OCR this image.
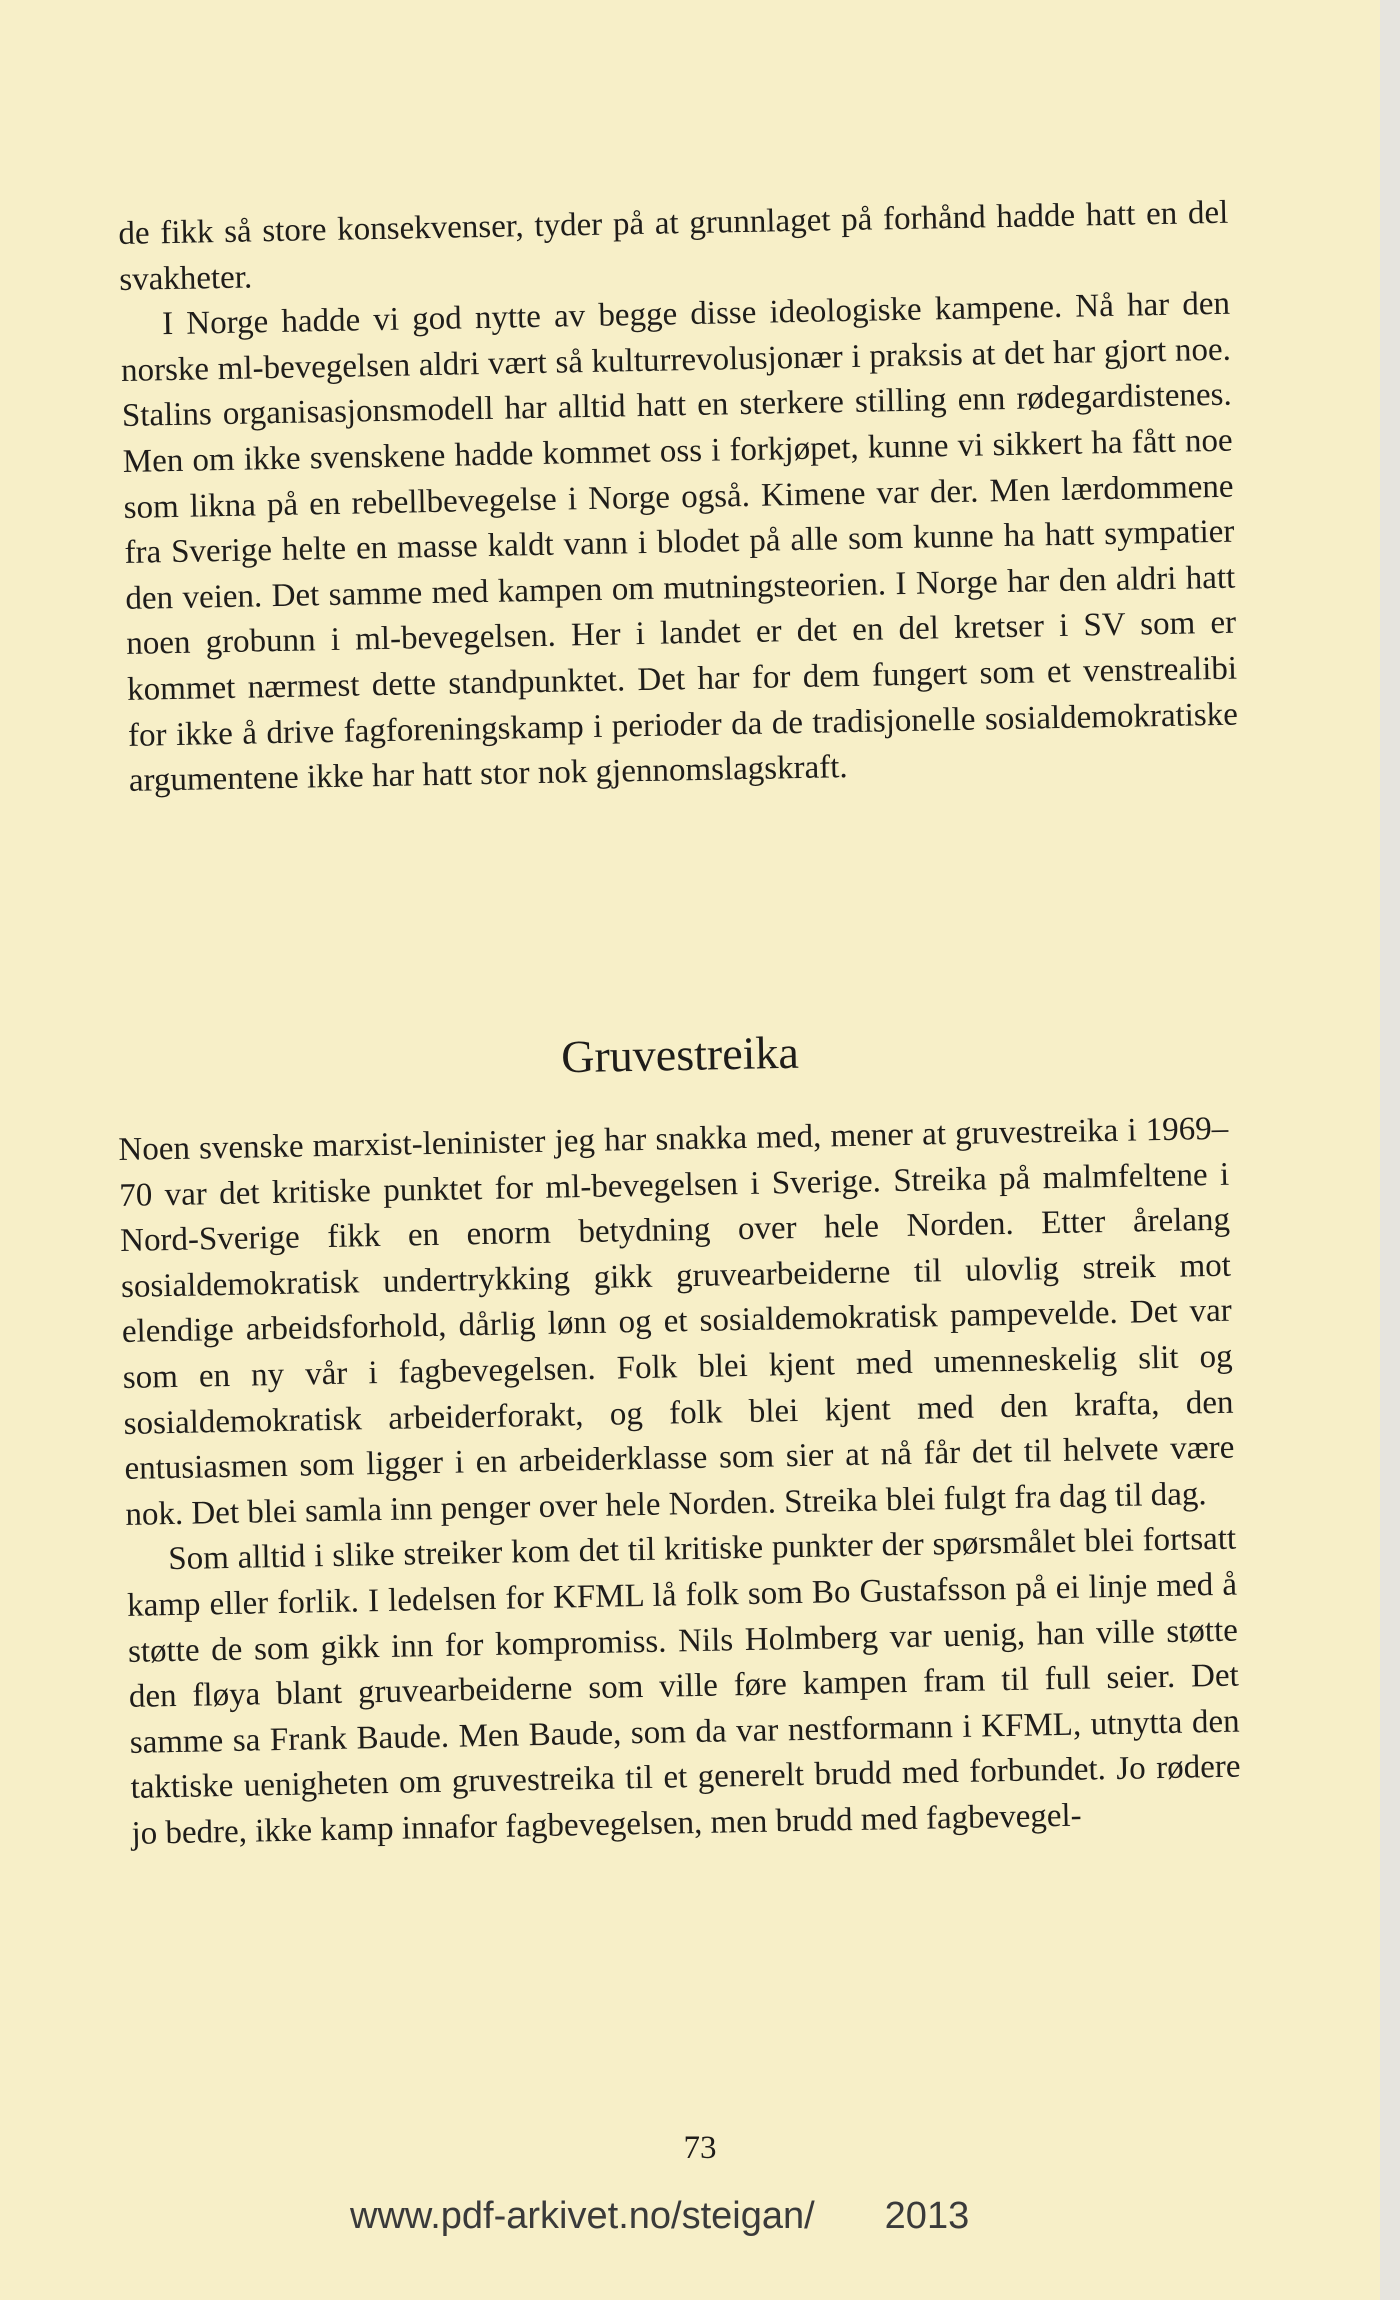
de fikk så store konsekvenser, tyder på at grunnlaget på forhånd hadde hatt en del svakheter.

I Norge hadde vi god nytte av begge disse ideologiske kampene. Nå har den norske ml-bevegelsen aldri vært så kulturrevolusjonær i praksis at det har gjort noe. Stalins organisasjonsmodell har alltid hatt en sterkere stilling enn rødegardistenes. Men om ikke svenskene hadde kommet oss i forkjøpet, kunne vi sikkert ha fått noe som likna på en rebellbevegelse i Norge også. Kimene var der. Men lærdommene fra Sverige helte en masse kaldt vann i blodet på alle som kunne ha hatt sympatier den veien. Det samme med kampen om mutningsteorien. I Norge har den aldri hatt noen grobunn i ml-bevegelsen. Her i landet er det en del kretser i SV som er kommet nærmest dette standpunktet. Det har for dem fungert som et venstrealibi for ikke å drive fagforeningskamp i perioder da de tradisjonelle sosialdemokratiske argumentene ikke har hatt stor nok gjennomslagskraft.

Gruvestreika

Noen svenske marxist-leninister jeg har snakka med, mener at gruvestreika i 1969–70 var det kritiske punktet for ml-bevegelsen i Sverige. Streika på malmfeltene i Nord-Sverige fikk en enorm betydning over hele Norden. Etter årelang sosialdemokratisk undertrykking gikk gruvearbeiderne til ulovlig streik mot elendige arbeidsforhold, dårlig lønn og et sosialdemokratisk pampevelde. Det var som en ny vår i fagbevegelsen. Folk blei kjent med umenneskelig slit og sosialdemokratisk arbeiderforakt, og folk blei kjent med den krafta, den entusiasmen som ligger i en arbeiderklasse som sier at nå får det til helvete være nok. Det blei samla inn penger over hele Norden. Streika blei fulgt fra dag til dag.

Som alltid i slike streiker kom det til kritiske punkter der spørsmålet blei fortsatt kamp eller forlik. I ledelsen for KFML lå folk som Bo Gustafsson på ei linje med å støtte de som gikk inn for kompromiss. Nils Holmberg var uenig, han ville støtte den fløya blant gruvearbeiderne som ville føre kampen fram til full seier. Det samme sa Frank Baude. Men Baude, som da var nestformann i KFML, utnytta den taktiske uenigheten om gruvestreika til et generelt brudd med forbundet. Jo rødere jo bedre, ikke kamp innafor fagbevegelsen, men brudd med fagbevegel-

73
www.pdf-arkivet.no/steigan/ 2013
